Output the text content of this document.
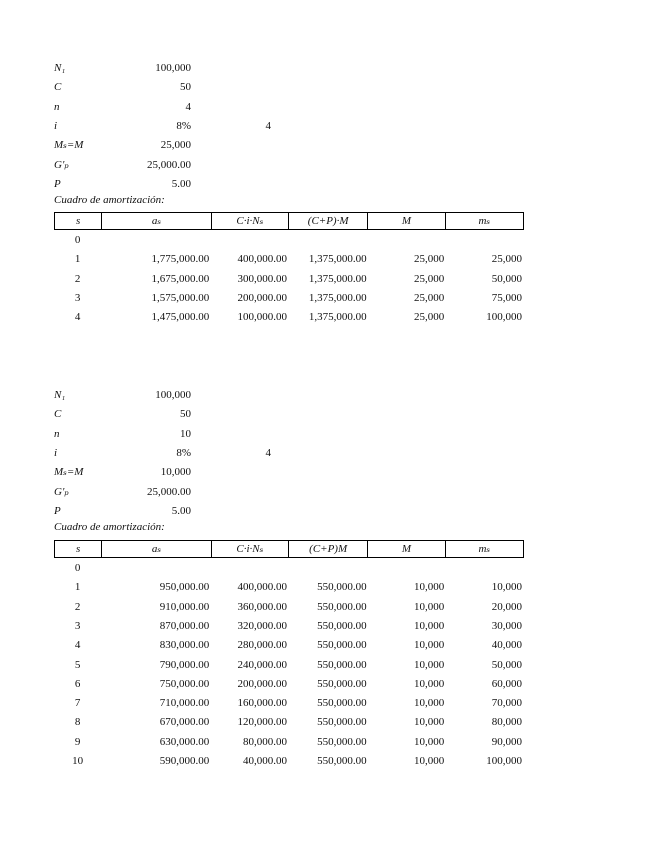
N₁	100,000
C	50
n	4
i	8%	4
Mₛ=M	25,000
G'ₚ	25,000.00
P	5.00
Cuadro de amortización:
s	aₛ	C·i·Nₛ	(C+P)·M	M	mₛ
0
1	1,775,000.00	400,000.00	1,375,000.00	25,000	25,000
2	1,675,000.00	300,000.00	1,375,000.00	25,000	50,000
3	1,575,000.00	200,000.00	1,375,000.00	25,000	75,000
4	1,475,000.00	100,000.00	1,375,000.00	25,000	100,000
N₁	100,000
C	50
n	10
i	8%	4
Mₛ=M	10,000
G'ₚ	25,000.00
P	5.00
Cuadro de amortización:
s	aₛ	C·i·Nₛ	(C+P)M	M	mₛ
0
1	950,000.00	400,000.00	550,000.00	10,000	10,000
2	910,000.00	360,000.00	550,000.00	10,000	20,000
3	870,000.00	320,000.00	550,000.00	10,000	30,000
4	830,000.00	280,000.00	550,000.00	10,000	40,000
5	790,000.00	240,000.00	550,000.00	10,000	50,000
6	750,000.00	200,000.00	550,000.00	10,000	60,000
7	710,000.00	160,000.00	550,000.00	10,000	70,000
8	670,000.00	120,000.00	550,000.00	10,000	80,000
9	630,000.00	80,000.00	550,000.00	10,000	90,000
10	590,000.00	40,000.00	550,000.00	10,000	100,000
